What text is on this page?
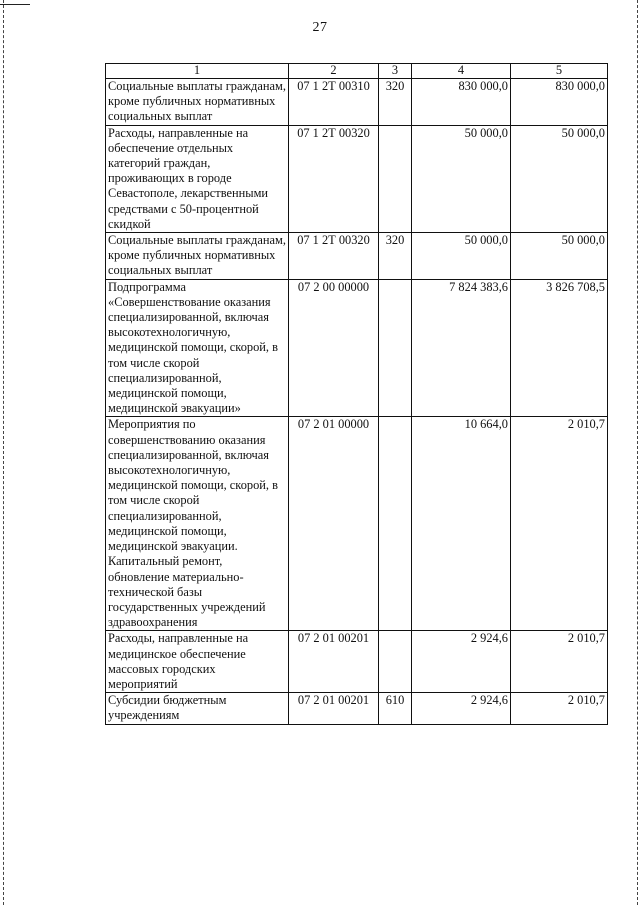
27
1	2	3	4	5
Социальные выплаты гражданам, кроме публичных нормативных социальных выплат	07 1 2Т 00310	320	830 000,0	830 000,0
Расходы, направленные на обеспечение отдельных категорий граждан, проживающих в городе Севастополе, лекарственными средствами с 50-процентной скидкой	07 1 2Т 00320		50 000,0	50 000,0
Социальные выплаты гражданам, кроме публичных нормативных социальных выплат	07 1 2Т 00320	320	50 000,0	50 000,0
Подпрограмма «Совершенствование оказания специализированной, включая высокотехнологичную, медицинской помощи, скорой, в том числе скорой специализированной, медицинской помощи, медицинской эвакуации»	07 2 00 00000		7 824 383,6	3 826 708,5
Мероприятия по совершенствованию оказания специализированной, включая высокотехнологичную, медицинской помощи, скорой, в том числе скорой специализированной, медицинской помощи, медицинской эвакуации. Капитальный ремонт, обновление материально-технической базы государственных учреждений здравоохранения	07 2 01 00000		10 664,0	2 010,7
Расходы, направленные на медицинское обеспечение массовых городских мероприятий	07 2 01 00201		2 924,6	2 010,7
Субсидии бюджетным учреждениям	07 2 01 00201	610	2 924,6	2 010,7
